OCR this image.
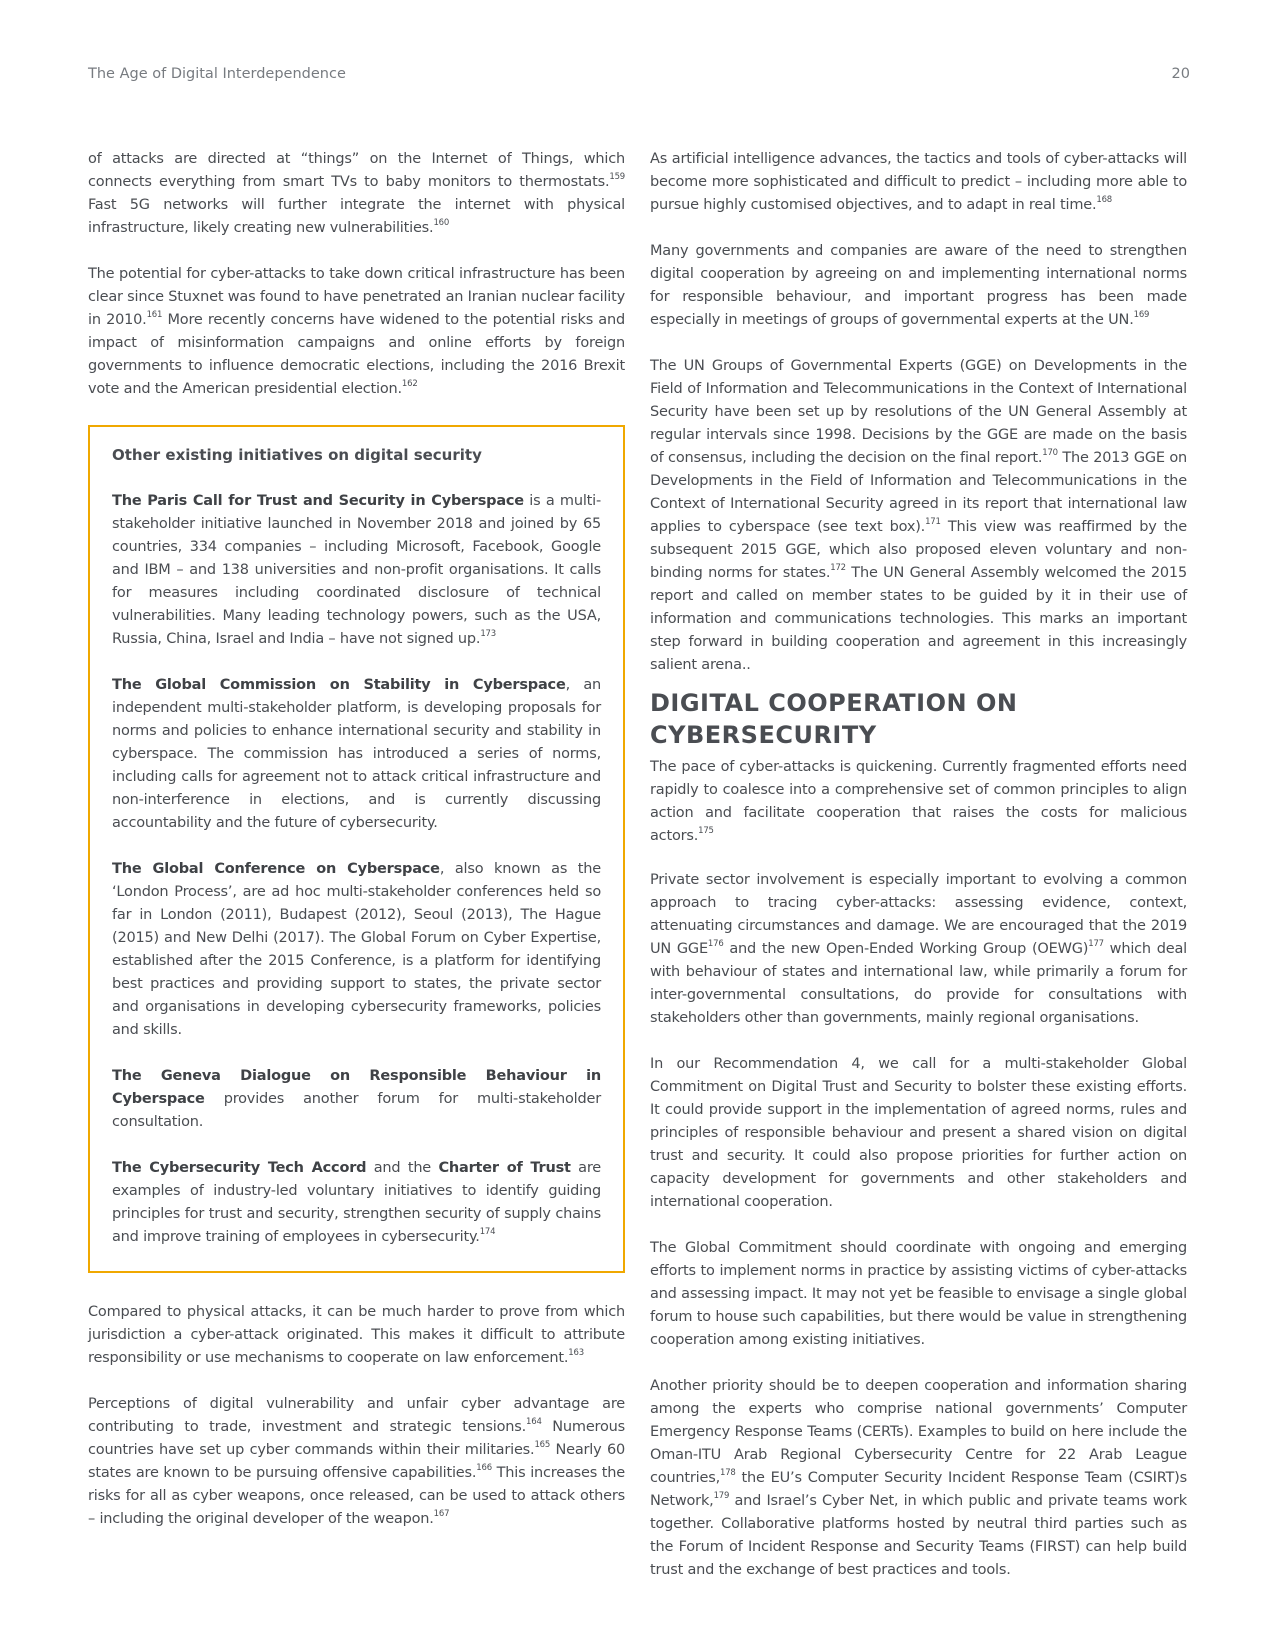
The Age of Digital Interdependence	20

of attacks are directed at “things” on the Internet of Things, which connects everything from smart TVs to baby monitors to thermostats.$^{159}$ Fast 5G networks will further integrate the internet with physical infrastructure, likely creating new vulnerabilities.$^{160}$

The potential for cyber-attacks to take down critical infrastructure has been clear since Stuxnet was found to have penetrated an Iranian nuclear facility in 2010.$^{161}$ More recently concerns have widened to the potential risks and impact of misinformation campaigns and online efforts by foreign governments to influence democratic elections, including the 2016 Brexit vote and the American presidential election.$^{162}$

Other existing initiatives on digital security

The Paris Call for Trust and Security in Cyberspace is a multi-stakeholder initiative launched in November 2018 and joined by 65 countries, 334 companies – including Microsoft, Facebook, Google and IBM – and 138 universities and non-profit organisations. It calls for measures including coordinated disclosure of technical vulnerabilities. Many leading technology powers, such as the USA, Russia, China, Israel and India – have not signed up.$^{173}$

The Global Commission on Stability in Cyberspace, an independent multi-stakeholder platform, is developing proposals for norms and policies to enhance international security and stability in cyberspace. The commission has introduced a series of norms, including calls for agreement not to attack critical infrastructure and non-interference in elections, and is currently discussing accountability and the future of cybersecurity.

The Global Conference on Cyberspace, also known as the ‘London Process’, are ad hoc multi-stakeholder conferences held so far in London (2011), Budapest (2012), Seoul (2013), The Hague (2015) and New Delhi (2017). The Global Forum on Cyber Expertise, established after the 2015 Conference, is a platform for identifying best practices and providing support to states, the private sector and organisations in developing cybersecurity frameworks, policies and skills.

The Geneva Dialogue on Responsible Behaviour in Cyberspace provides another forum for multi-stakeholder consultation.

The Cybersecurity Tech Accord and the Charter of Trust are examples of industry-led voluntary initiatives to identify guiding principles for trust and security, strengthen security of supply chains and improve training of employees in cybersecurity.$^{174}$

Compared to physical attacks, it can be much harder to prove from which jurisdiction a cyber-attack originated. This makes it difficult to attribute responsibility or use mechanisms to cooperate on law enforcement.$^{163}$

Perceptions of digital vulnerability and unfair cyber advantage are contributing to trade, investment and strategic tensions.$^{164}$ Numerous countries have set up cyber commands within their militaries.$^{165}$ Nearly 60 states are known to be pursuing offensive capabilities.$^{166}$ This increases the risks for all as cyber weapons, once released, can be used to attack others – including the original developer of the weapon.$^{167}$

As artificial intelligence advances, the tactics and tools of cyber-attacks will become more sophisticated and difficult to predict – including more able to pursue highly customised objectives, and to adapt in real time.$^{168}$

Many governments and companies are aware of the need to strengthen digital cooperation by agreeing on and implementing international norms for responsible behaviour, and important progress has been made especially in meetings of groups of governmental experts at the UN.$^{169}$

The UN Groups of Governmental Experts (GGE) on Developments in the Field of Information and Telecommunications in the Context of International Security have been set up by resolutions of the UN General Assembly at regular intervals since 1998. Decisions by the GGE are made on the basis of consensus, including the decision on the final report.$^{170}$ The 2013 GGE on Developments in the Field of Information and Telecommunications in the Context of International Security agreed in its report that international law applies to cyberspace (see text box).$^{171}$ This view was reaffirmed by the subsequent 2015 GGE, which also proposed eleven voluntary and non-binding norms for states.$^{172}$ The UN General Assembly welcomed the 2015 report and called on member states to be guided by it in their use of information and communications technologies. This marks an important step forward in building cooperation and agreement in this increasingly salient arena..

DIGITAL COOPERATION ON CYBERSECURITY

The pace of cyber-attacks is quickening. Currently fragmented efforts need rapidly to coalesce into a comprehensive set of common principles to align action and facilitate cooperation that raises the costs for malicious actors.$^{175}$

Private sector involvement is especially important to evolving a common approach to tracing cyber-attacks: assessing evidence, context, attenuating circumstances and damage. We are encouraged that the 2019 UN GGE$^{176}$ and the new Open-Ended Working Group (OEWG)$^{177}$ which deal with behaviour of states and international law, while primarily a forum for inter-governmental consultations, do provide for consultations with stakeholders other than governments, mainly regional organisations.

In our Recommendation 4, we call for a multi-stakeholder Global Commitment on Digital Trust and Security to bolster these existing efforts. It could provide support in the implementation of agreed norms, rules and principles of responsible behaviour and present a shared vision on digital trust and security. It could also propose priorities for further action on capacity development for governments and other stakeholders and international cooperation.

The Global Commitment should coordinate with ongoing and emerging efforts to implement norms in practice by assisting victims of cyber-attacks and assessing impact. It may not yet be feasible to envisage a single global forum to house such capabilities, but there would be value in strengthening cooperation among existing initiatives.

Another priority should be to deepen cooperation and information sharing among the experts who comprise national governments’ Computer Emergency Response Teams (CERTs). Examples to build on here include the Oman-ITU Arab Regional Cybersecurity Centre for 22 Arab League countries,$^{178}$ the EU’s Computer Security Incident Response Team (CSIRT)s Network,$^{179}$ and Israel’s Cyber Net, in which public and private teams work together. Collaborative platforms hosted by neutral third parties such as the Forum of Incident Response and Security Teams (FIRST) can help build trust and the exchange of best practices and tools.
